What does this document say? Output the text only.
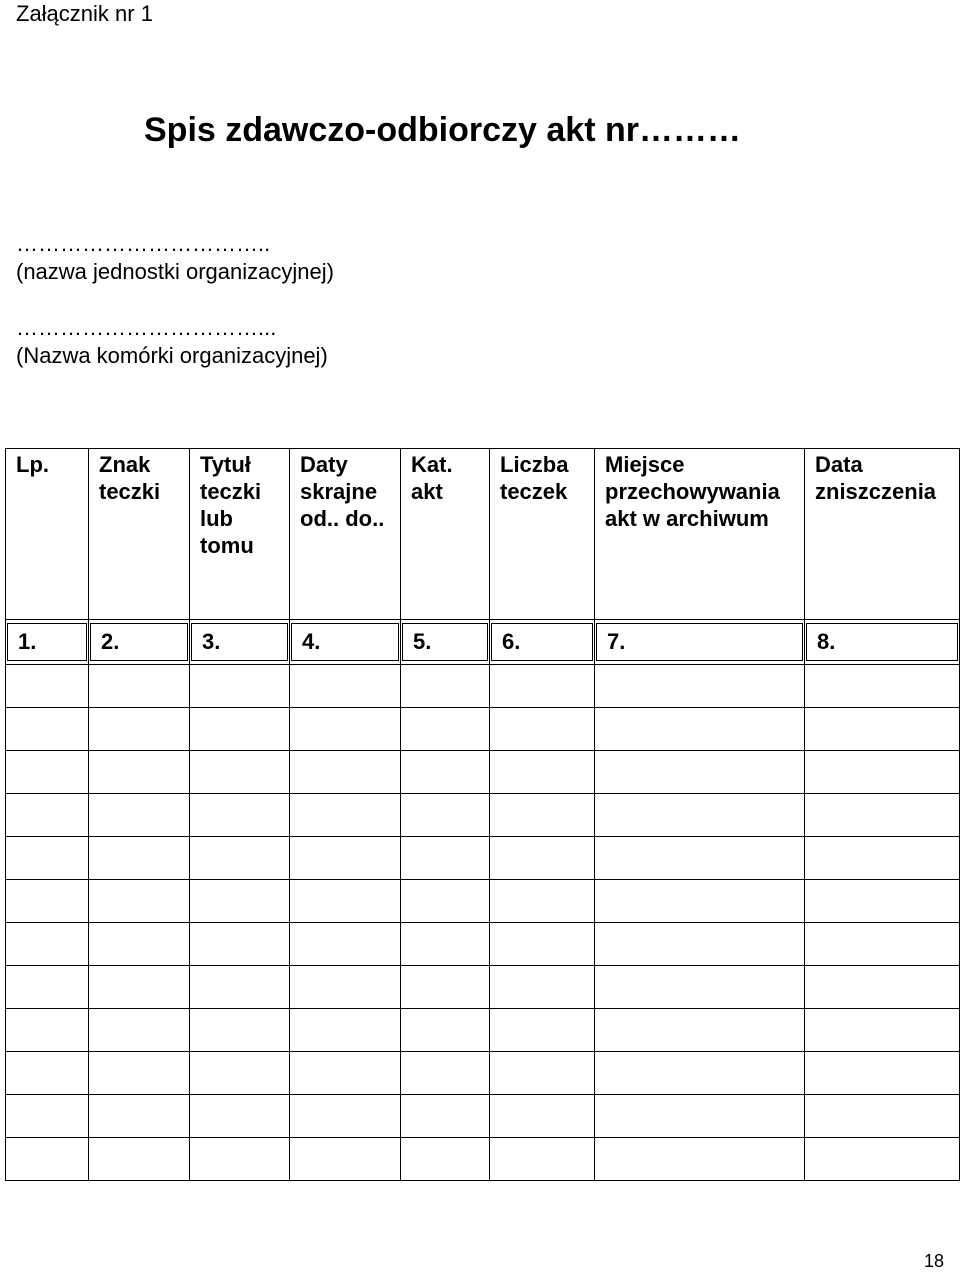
Załącznik nr 1
Spis zdawczo-odbiorczy akt nr………
……………………………..
(nazwa jednostki organizacyjnej)
……………………………...
(Nazwa komórki organizacyjnej)
Lp.	Znak teczki	Tytuł teczki lub tomu	Daty skrajne od.. do..	Kat. akt	Liczba teczek	Miejsce przechowywania akt w archiwum	Data zniszczenia

1.	2.	3.	4.	5.	6.	7.	8.

18
